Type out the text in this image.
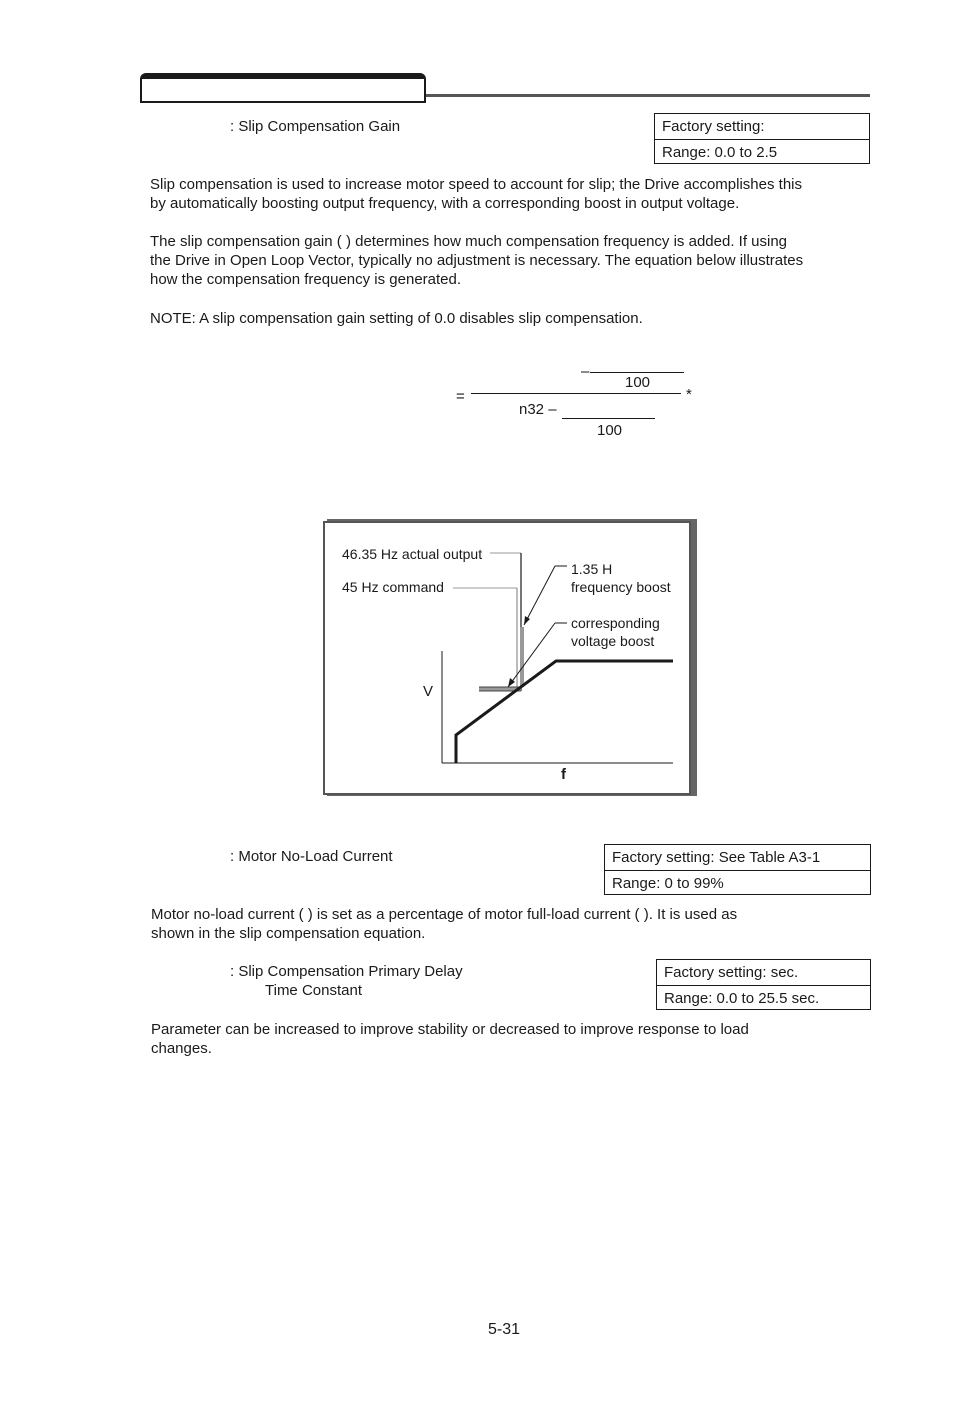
: Slip Compensation Gain	Factory setting:
Range: 0.0 to 2.5
Slip compensation is used to increase motor speed to account for slip; the Drive accomplishes this
by automatically boosting output frequency, with a corresponding boost in output voltage.
The slip compensation gain ( ) determines how much compensation frequency is added. If using
the Drive in Open Loop Vector, typically no adjustment is necessary. The equation below illustrates
how the compensation frequency is generated.
NOTE: A slip compensation gain setting of 0.0 disables slip compensation.
–
100
=	*
n32 –
100
46.35 Hz actual output
45 Hz command
1.35 H
frequency boost
corresponding
voltage boost
V
f
: Motor No-Load Current	Factory setting: See Table A3-1
Range: 0 to 99%
Motor no-load current ( ) is set as a percentage of motor full-load current ( ). It is used as
shown in the slip compensation equation.
: Slip Compensation Primary Delay
Time Constant
Factory setting: sec.
Range: 0.0 to 25.5 sec.
Parameter can be increased to improve stability or decreased to improve response to load
changes.
5-31
